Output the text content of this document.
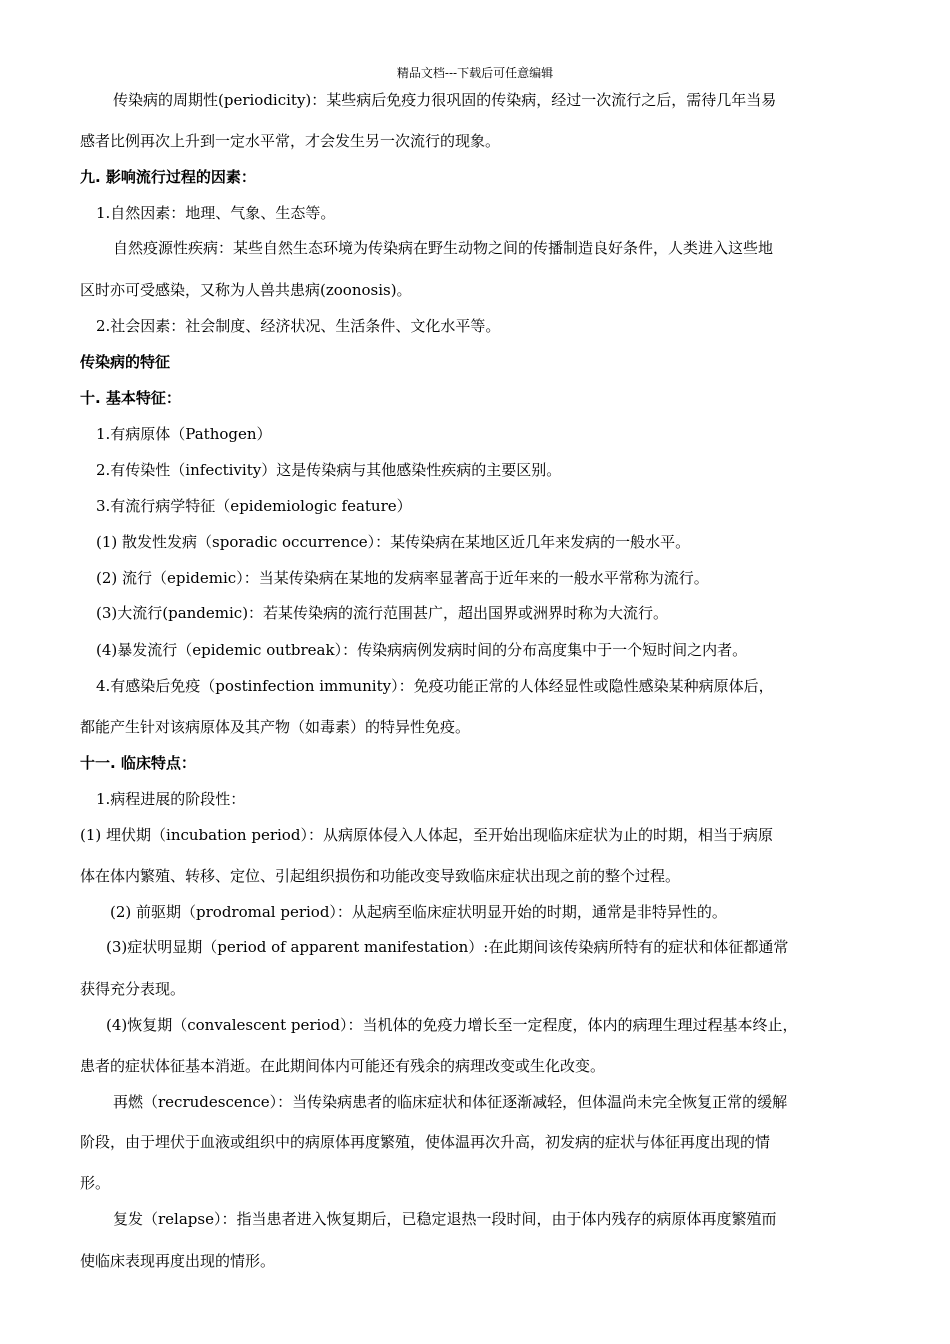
精品文档---下载后可任意编辑
传染病的周期性(periodicity)：某些病后免疫力很巩固的传染病，经过一次流行之后，需待几年当易
感者比例再次上升到一定水平常，才会发生另一次流行的现象。
九. 影响流行过程的因素：
1.自然因素：地理、气象、生态等。
自然疫源性疾病：某些自然生态环境为传染病在野生动物之间的传播制造良好条件，人类进入这些地
区时亦可受感染，又称为人兽共患病(zoonosis)。
2.社会因素：社会制度、经济状况、生活条件、文化水平等。
传染病的特征
十. 基本特征：
1.有病原体（Pathogen）
2.有传染性（infectivity）这是传染病与其他感染性疾病的主要区别。
3.有流行病学特征（epidemiologic feature）
(1) 散发性发病（sporadic occurrence）：某传染病在某地区近几年来发病的一般水平。
(2) 流行（epidemic）：当某传染病在某地的发病率显著高于近年来的一般水平常称为流行。
(3)大流行(pandemic)：若某传染病的流行范围甚广，超出国界或洲界时称为大流行。
(4)暴发流行（epidemic outbreak）：传染病病例发病时间的分布高度集中于一个短时间之内者。
4.有感染后免疫（postinfection immunity）：免疫功能正常的人体经显性或隐性感染某种病原体后，
都能产生针对该病原体及其产物（如毒素）的特异性免疫。
十一. 临床特点：
1.病程进展的阶段性：
(1) 埋伏期（incubation period）：从病原体侵入人体起，至开始出现临床症状为止的时期，相当于病原
体在体内繁殖、转移、定位、引起组织损伤和功能改变导致临床症状出现之前的整个过程。
(2) 前驱期（prodromal period）：从起病至临床症状明显开始的时期，通常是非特异性的。
(3)症状明显期（period of apparent manifestation）:在此期间该传染病所特有的症状和体征都通常
获得充分表现。
(4)恢复期（convalescent period）：当机体的免疫力增长至一定程度，体内的病理生理过程基本终止，
患者的症状体征基本消逝。在此期间体内可能还有残余的病理改变或生化改变。
再燃（recrudescence）：当传染病患者的临床症状和体征逐渐减轻，但体温尚未完全恢复正常的缓解
阶段，由于埋伏于血液或组织中的病原体再度繁殖，使体温再次升高，初发病的症状与体征再度出现的情
形。
复发（relapse）：指当患者进入恢复期后，已稳定退热一段时间，由于体内残存的病原体再度繁殖而
使临床表现再度出现的情形。
